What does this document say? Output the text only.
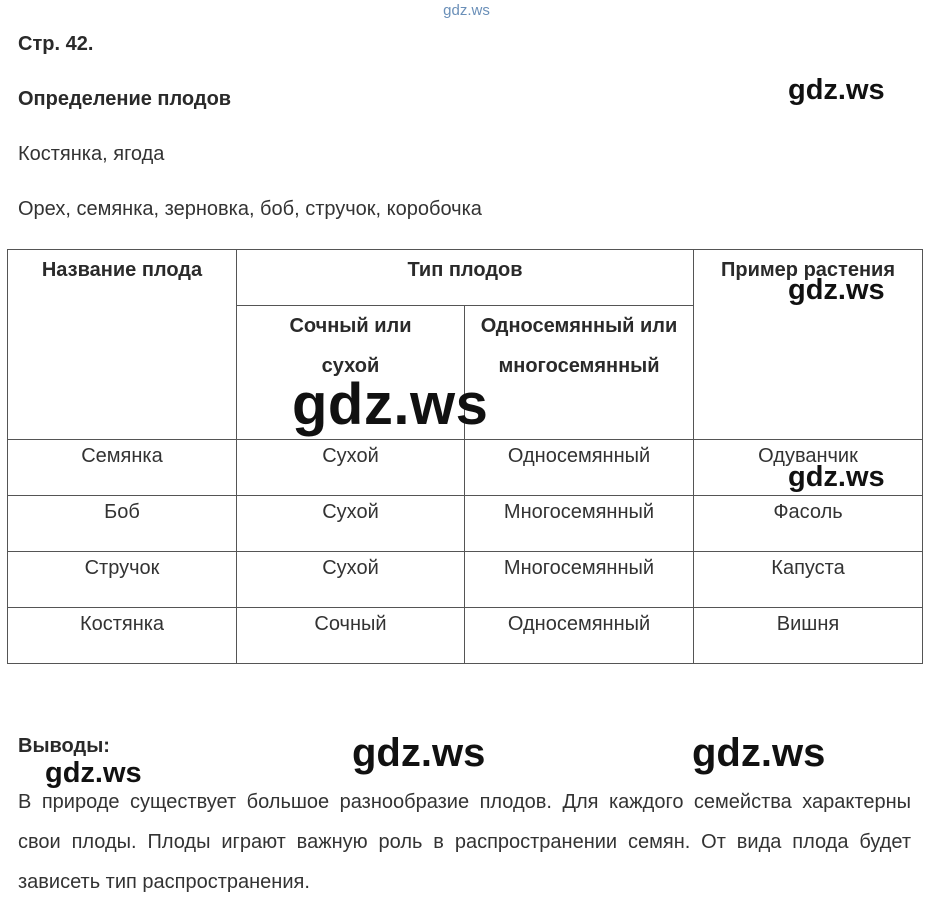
gdz.ws
Стр. 42.
Определение плодов
Костянка, ягода
Орех, семянка, зерновка, боб, стручок, коробочка
Название плода	Тип плодов		Пример растения
	Сочный или сухой	Односемянный или многосемянный	
Семянка	Сухой	Односемянный	Одуванчик
Боб	Сухой	Многосемянный	Фасоль
Стручок	Сухой	Многосемянный	Капуста
Костянка	Сочный	Односемянный	Вишня
Выводы:
В природе существует большое разнообразие плодов. Для каждого семейства характерны свои плоды. Плоды играют важную роль в распространении семян. От вида плода будет зависеть тип распространения.
gdz.ws
gdz.ws
gdz.ws
gdz.ws
gdz.ws	gdz.ws	gdz.ws
